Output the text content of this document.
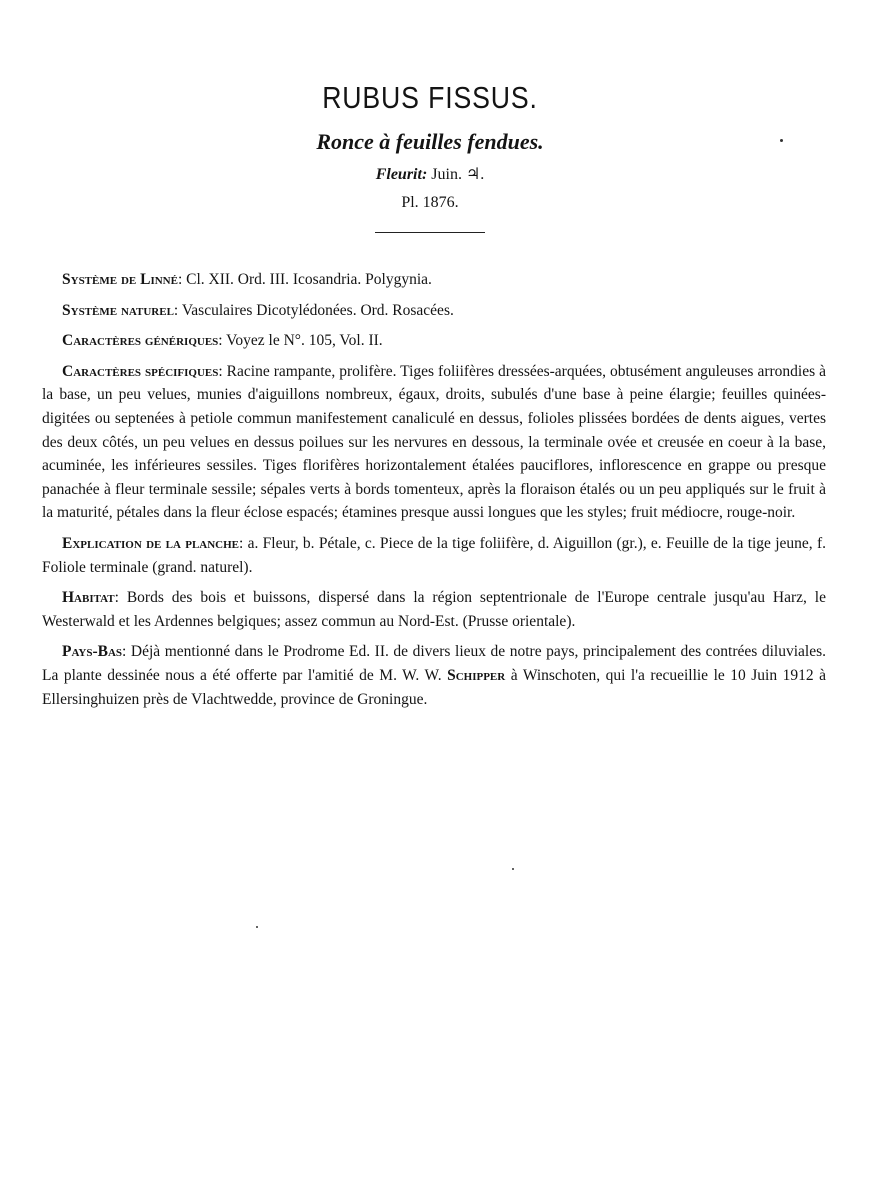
RUBUS FISSUS.
Ronce à feuilles fendues.
Fleurit: Juin. ♃.
Pl. 1876.

Système de Linné: Cl. XII. Ord. III. Icosandria. Polygynia.

Système naturel: Vasculaires Dicotylédonées. Ord. Rosacées.

Caractères génériques: Voyez le N°. 105, Vol. II.

Caractères spécifiques: Racine rampante, prolifère. Tiges foliifères dressées-arquées, obtusément anguleuses arrondies à la base, un peu velues, munies d'aiguillons nombreux, égaux, droits, subulés d'une base à peine élargie; feuilles quinées-digitées ou septenées à petiole commun manifestement canaliculé en dessus, folioles plissées bordées de dents aigues, vertes des deux côtés, un peu velues en dessus poilues sur les nervures en dessous, la terminale ovée et creusée en coeur à la base, acuminée, les inférieures sessiles. Tiges florifères horizontalement étalées pauciflores, inflorescence en grappe ou presque panachée à fleur terminale sessile; sépales verts à bords tomenteux, après la floraison étalés ou un peu appliqués sur le fruit à la maturité, pétales dans la fleur éclose espacés; étamines presque aussi longues que les styles; fruit médiocre, rouge-noir.

Explication de la planche: a. Fleur, b. Pétale, c. Piece de la tige foliifère, d. Aiguillon (gr.), e. Feuille de la tige jeune, f. Foliole terminale (grand. naturel).

Habitat: Bords des bois et buissons, dispersé dans la région septentrionale de l'Europe centrale jusqu'au Harz, le Westerwald et les Ardennes belgiques; assez commun au Nord-Est. (Prusse orientale).

Pays-Bas: Déjà mentionné dans le Prodrome Ed. II. de divers lieux de notre pays, principalement des contrées diluviales. La plante dessinée nous a été offerte par l'amitié de M. W. W. Schipper à Winschoten, qui l'a recueillie le 10 Juin 1912 à Ellersinghuizen près de Vlachtwedde, province de Groningue.
